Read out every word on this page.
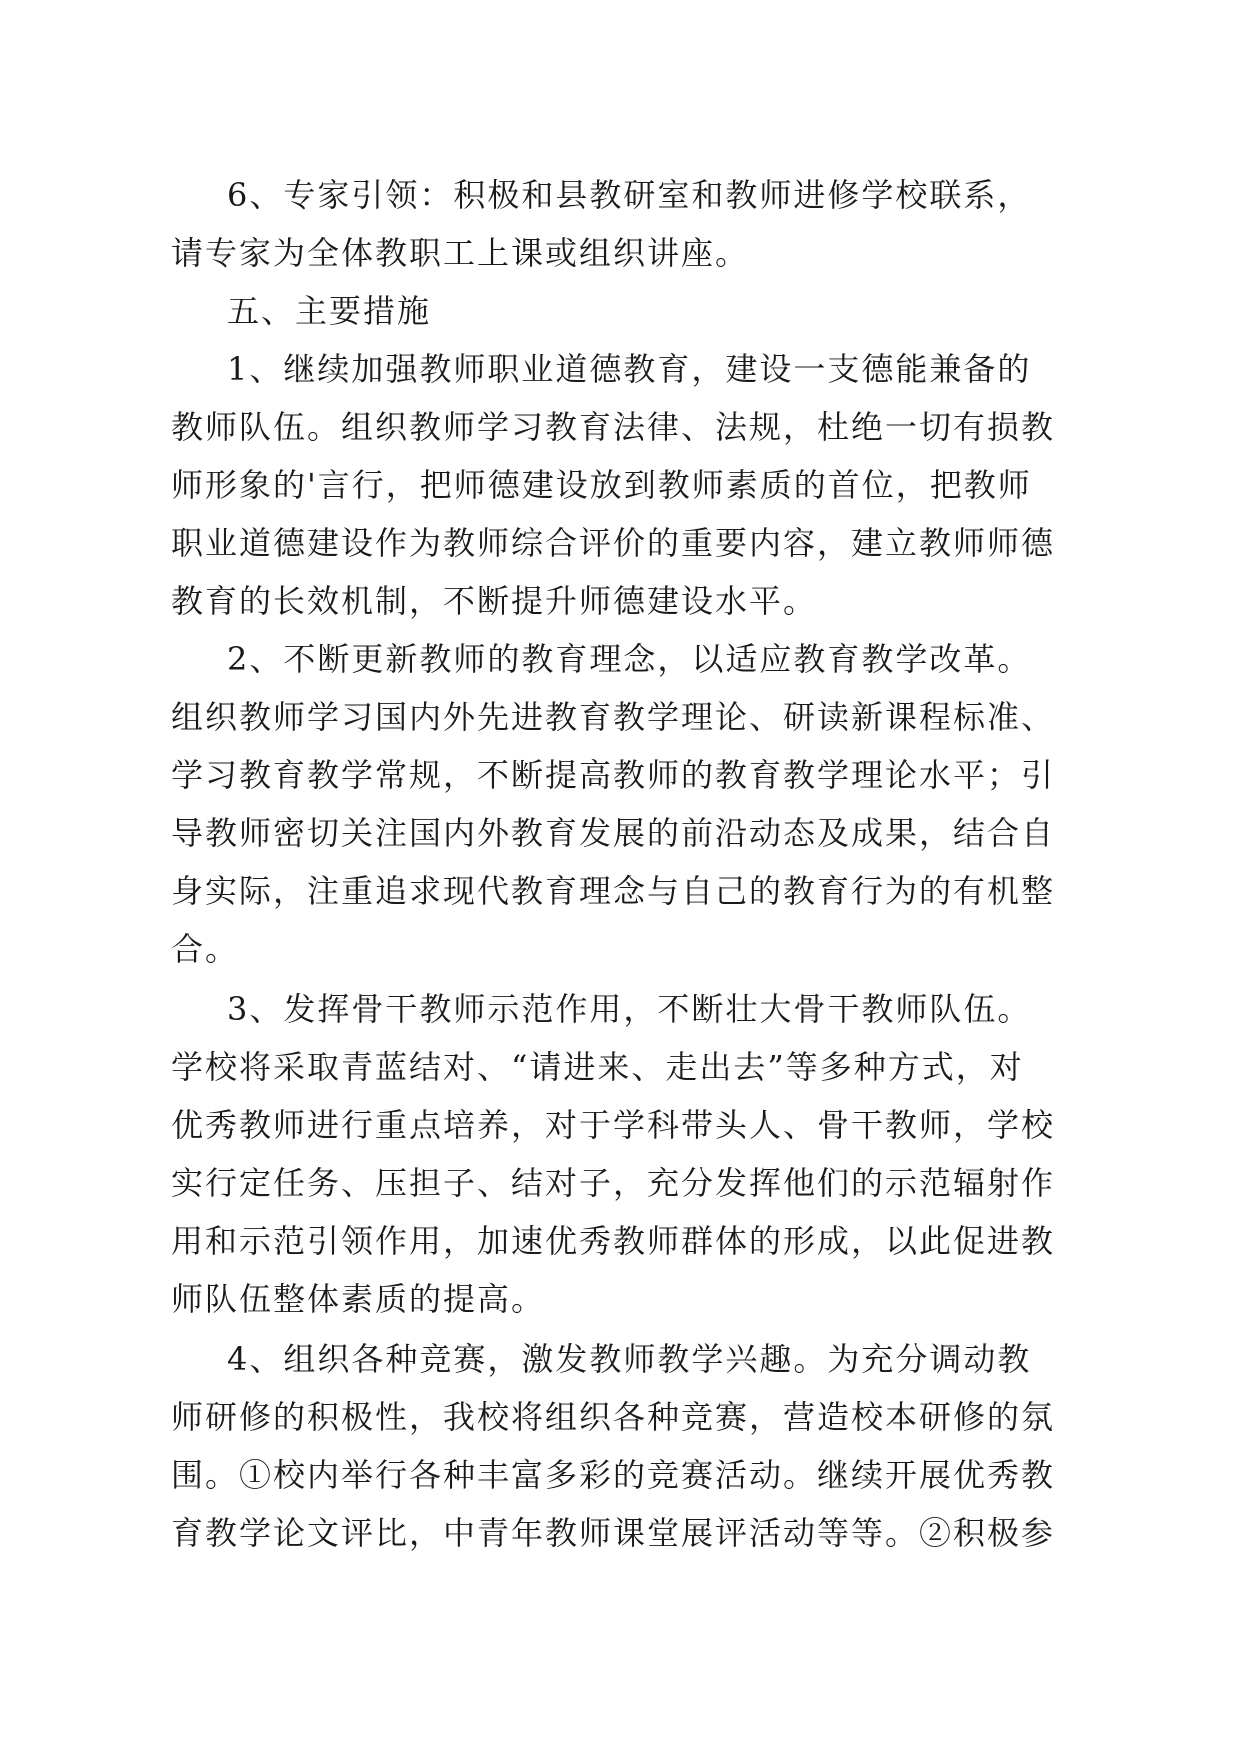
6、专家引领：积极和县教研室和教师进修学校联系，
请专家为全体教职工上课或组织讲座。
五、主要措施
1、继续加强教师职业道德教育，建设一支德能兼备的
教师队伍。组织教师学习教育法律、法规，杜绝一切有损教
师形象的'言行，把师德建设放到教师素质的首位，把教师
职业道德建设作为教师综合评价的重要内容，建立教师师德
教育的长效机制，不断提升师德建设水平。
2、不断更新教师的教育理念，以适应教育教学改革。
组织教师学习国内外先进教育教学理论、研读新课程标准、
学习教育教学常规，不断提高教师的教育教学理论水平；引
导教师密切关注国内外教育发展的前沿动态及成果，结合自
身实际，注重追求现代教育理念与自己的教育行为的有机整
合。
3、发挥骨干教师示范作用，不断壮大骨干教师队伍。
学校将采取青蓝结对、“请进来、走出去”等多种方式，对
优秀教师进行重点培养，对于学科带头人、骨干教师，学校
实行定任务、压担子、结对子，充分发挥他们的示范辐射作
用和示范引领作用，加速优秀教师群体的形成，以此促进教
师队伍整体素质的提高。
4、组织各种竞赛，激发教师教学兴趣。为充分调动教
师研修的积极性，我校将组织各种竞赛，营造校本研修的氛
围。①校内举行各种丰富多彩的竞赛活动。继续开展优秀教
育教学论文评比，中青年教师课堂展评活动等等。②积极参
